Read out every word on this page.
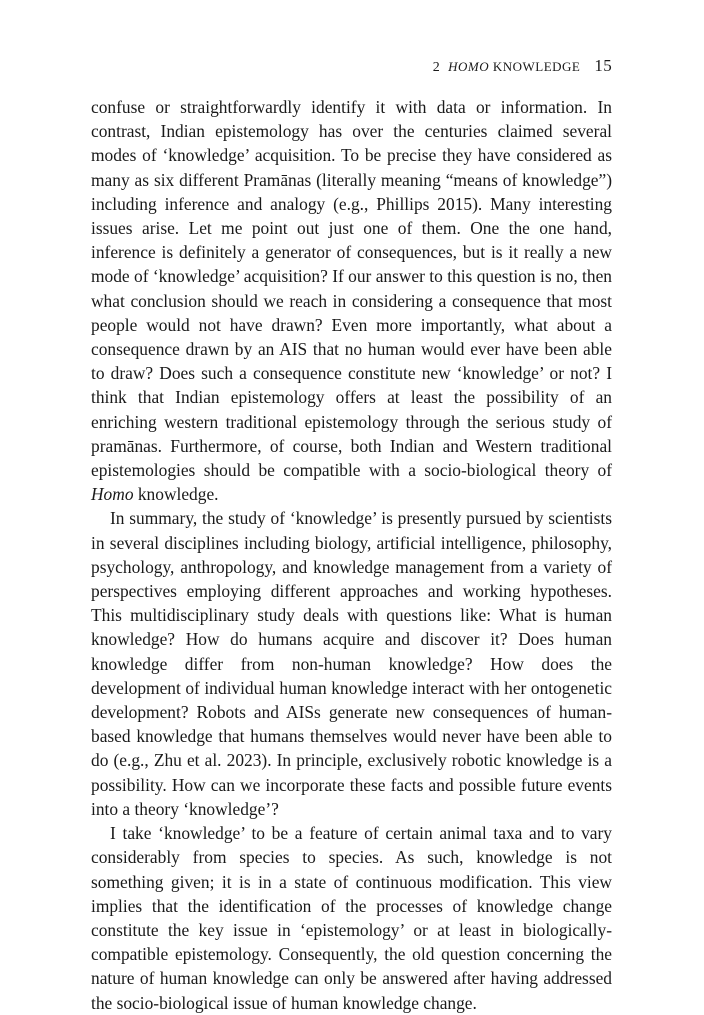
2 HOMO KNOWLEDGE 15

confuse or straightforwardly identify it with data or information. In contrast, Indian epistemology has over the centuries claimed several modes of ‘knowledge’ acquisition. To be precise they have considered as many as six different Pramānas (literally meaning “means of knowledge”) including inference and analogy (e.g., Phillips 2015). Many interesting issues arise. Let me point out just one of them. One the one hand, inference is definitely a generator of consequences, but is it really a new mode of ‘knowledge’ acquisition? If our answer to this question is no, then what conclusion should we reach in considering a consequence that most people would not have drawn? Even more importantly, what about a consequence drawn by an AIS that no human would ever have been able to draw? Does such a consequence constitute new ‘knowledge’ or not? I think that Indian epistemology offers at least the possibility of an enriching western traditional epistemology through the serious study of pramānas. Furthermore, of course, both Indian and Western traditional epistemologies should be compatible with a socio-biological theory of Homo knowledge.

In summary, the study of ‘knowledge’ is presently pursued by scientists in several disciplines including biology, artificial intelligence, philosophy, psychology, anthropology, and knowledge management from a variety of perspectives employing different approaches and working hypotheses. This multidisciplinary study deals with questions like: What is human knowledge? How do humans acquire and discover it? Does human knowledge differ from non-human knowledge? How does the development of individual human knowledge interact with her ontogenetic development? Robots and AISs generate new consequences of human-based knowledge that humans themselves would never have been able to do (e.g., Zhu et al. 2023). In principle, exclusively robotic knowledge is a possibility. How can we incorporate these facts and possible future events into a theory ‘knowledge’?

I take ‘knowledge’ to be a feature of certain animal taxa and to vary considerably from species to species. As such, knowledge is not something given; it is in a state of continuous modification. This view implies that the identification of the processes of knowledge change constitute the key issue in ‘epistemology’ or at least in biologically-compatible epistemology. Consequently, the old question concerning the nature of human knowledge can only be answered after having addressed the socio-biological issue of human knowledge change.
